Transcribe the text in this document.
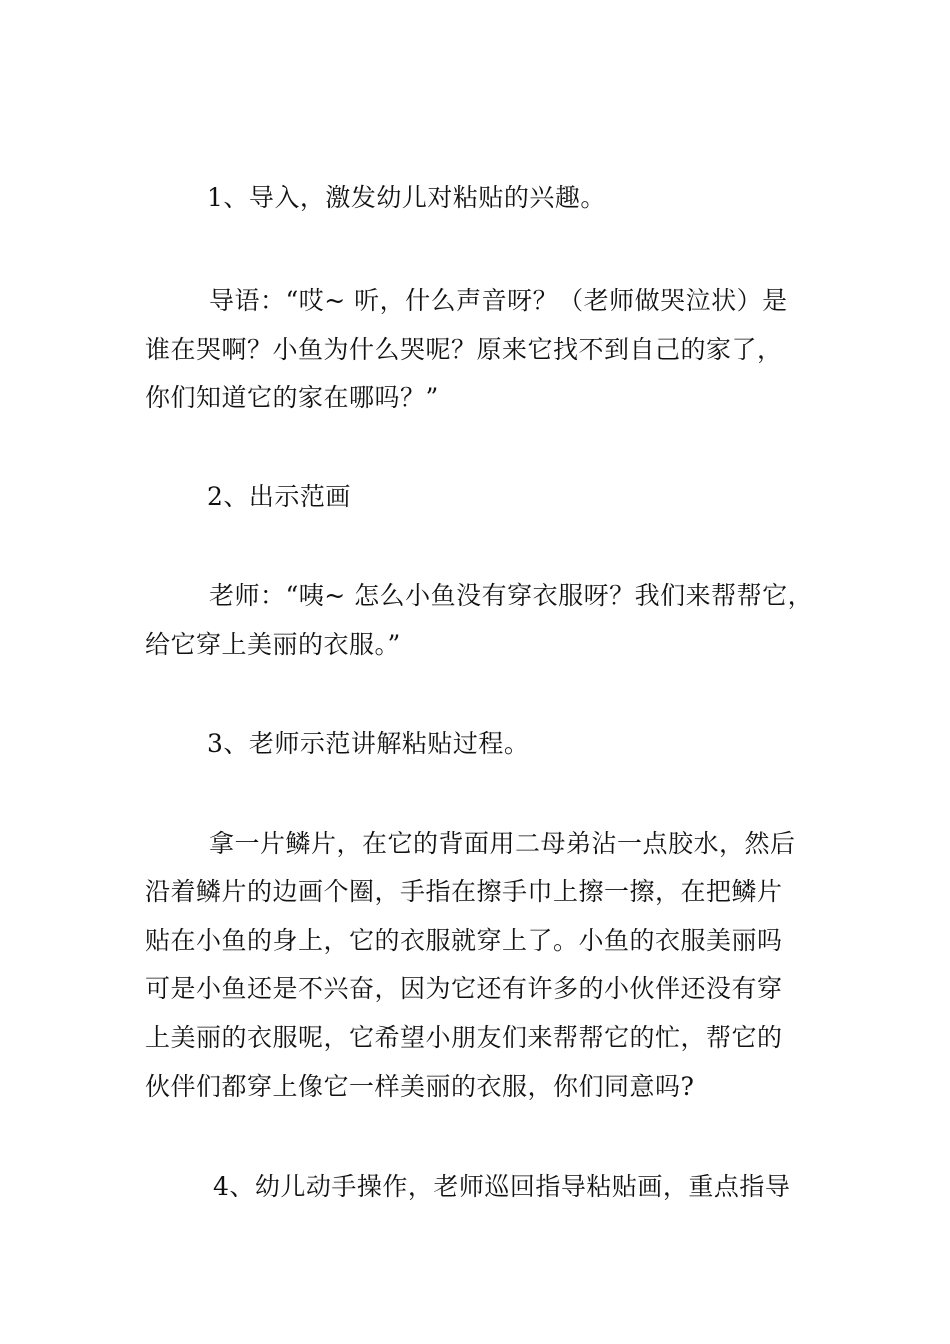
1、导入，激发幼儿对粘贴的兴趣。
导语：“哎~ 听，什么声音呀？（老师做哭泣状）是
谁在哭啊？小鱼为什么哭呢？原来它找不到自己的家了，
你们知道它的家在哪吗？”
2、出示范画
老师：“咦~ 怎么小鱼没有穿衣服呀？我们来帮帮它，
给它穿上美丽的衣服。”
3、老师示范讲解粘贴过程。
拿一片鳞片，在它的背面用二母弟沾一点胶水，然后
沿着鳞片的边画个圈，手指在擦手巾上擦一擦，在把鳞片
贴在小鱼的身上，它的衣服就穿上了。小鱼的衣服美丽吗
可是小鱼还是不兴奋，因为它还有许多的小伙伴还没有穿
上美丽的衣服呢，它希望小朋友们来帮帮它的忙，帮它的
伙伴们都穿上像它一样美丽的衣服，你们同意吗?
4、幼儿动手操作，老师巡回指导粘贴画，重点指导
